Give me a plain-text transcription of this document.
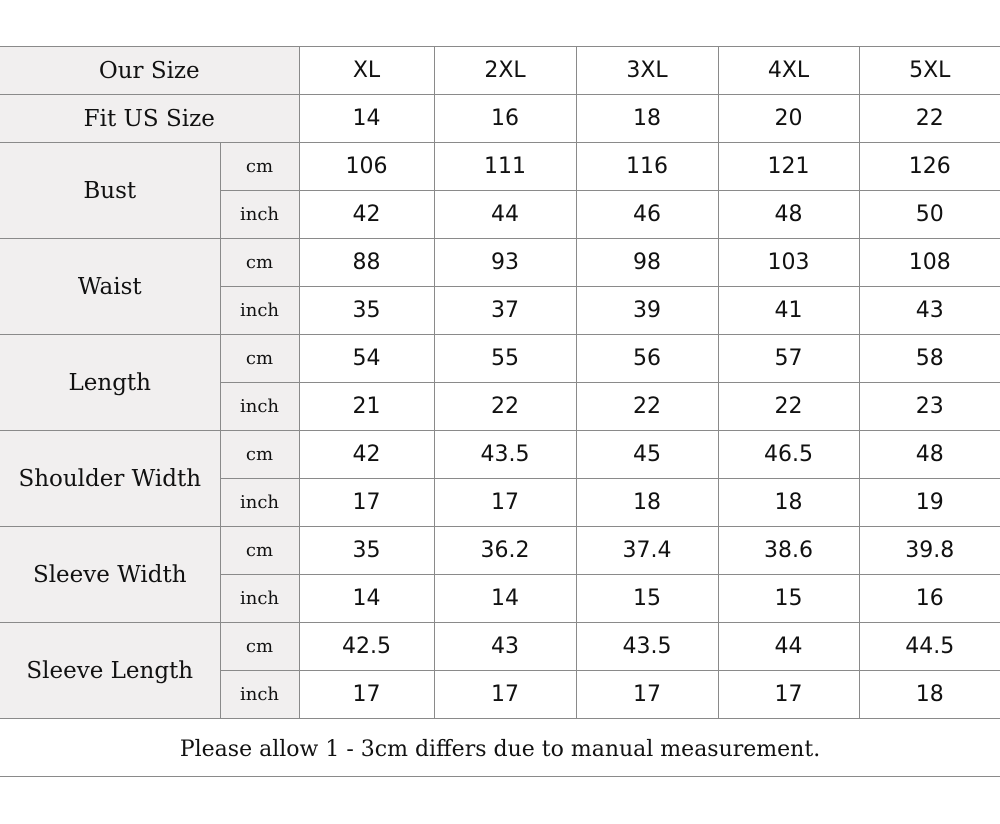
Our Size		XL	2XL	3XL	4XL	5XL
Fit US Size		14	16	18	20	22
Bust	cm	106	111	116	121	126
	inch	42	44	46	48	50
Waist	cm	88	93	98	103	108
	inch	35	37	39	41	43
Length	cm	54	55	56	57	58
	inch	21	22	22	22	23
Shoulder Width	cm	42	43.5	45	46.5	48
	inch	17	17	18	18	19
Sleeve Width	cm	35	36.2	37.4	38.6	39.8
	inch	14	14	15	15	16
Sleeve Length	cm	42.5	43	43.5	44	44.5
	inch	17	17	17	17	18
Please allow 1 - 3cm differs due to manual measurement.
